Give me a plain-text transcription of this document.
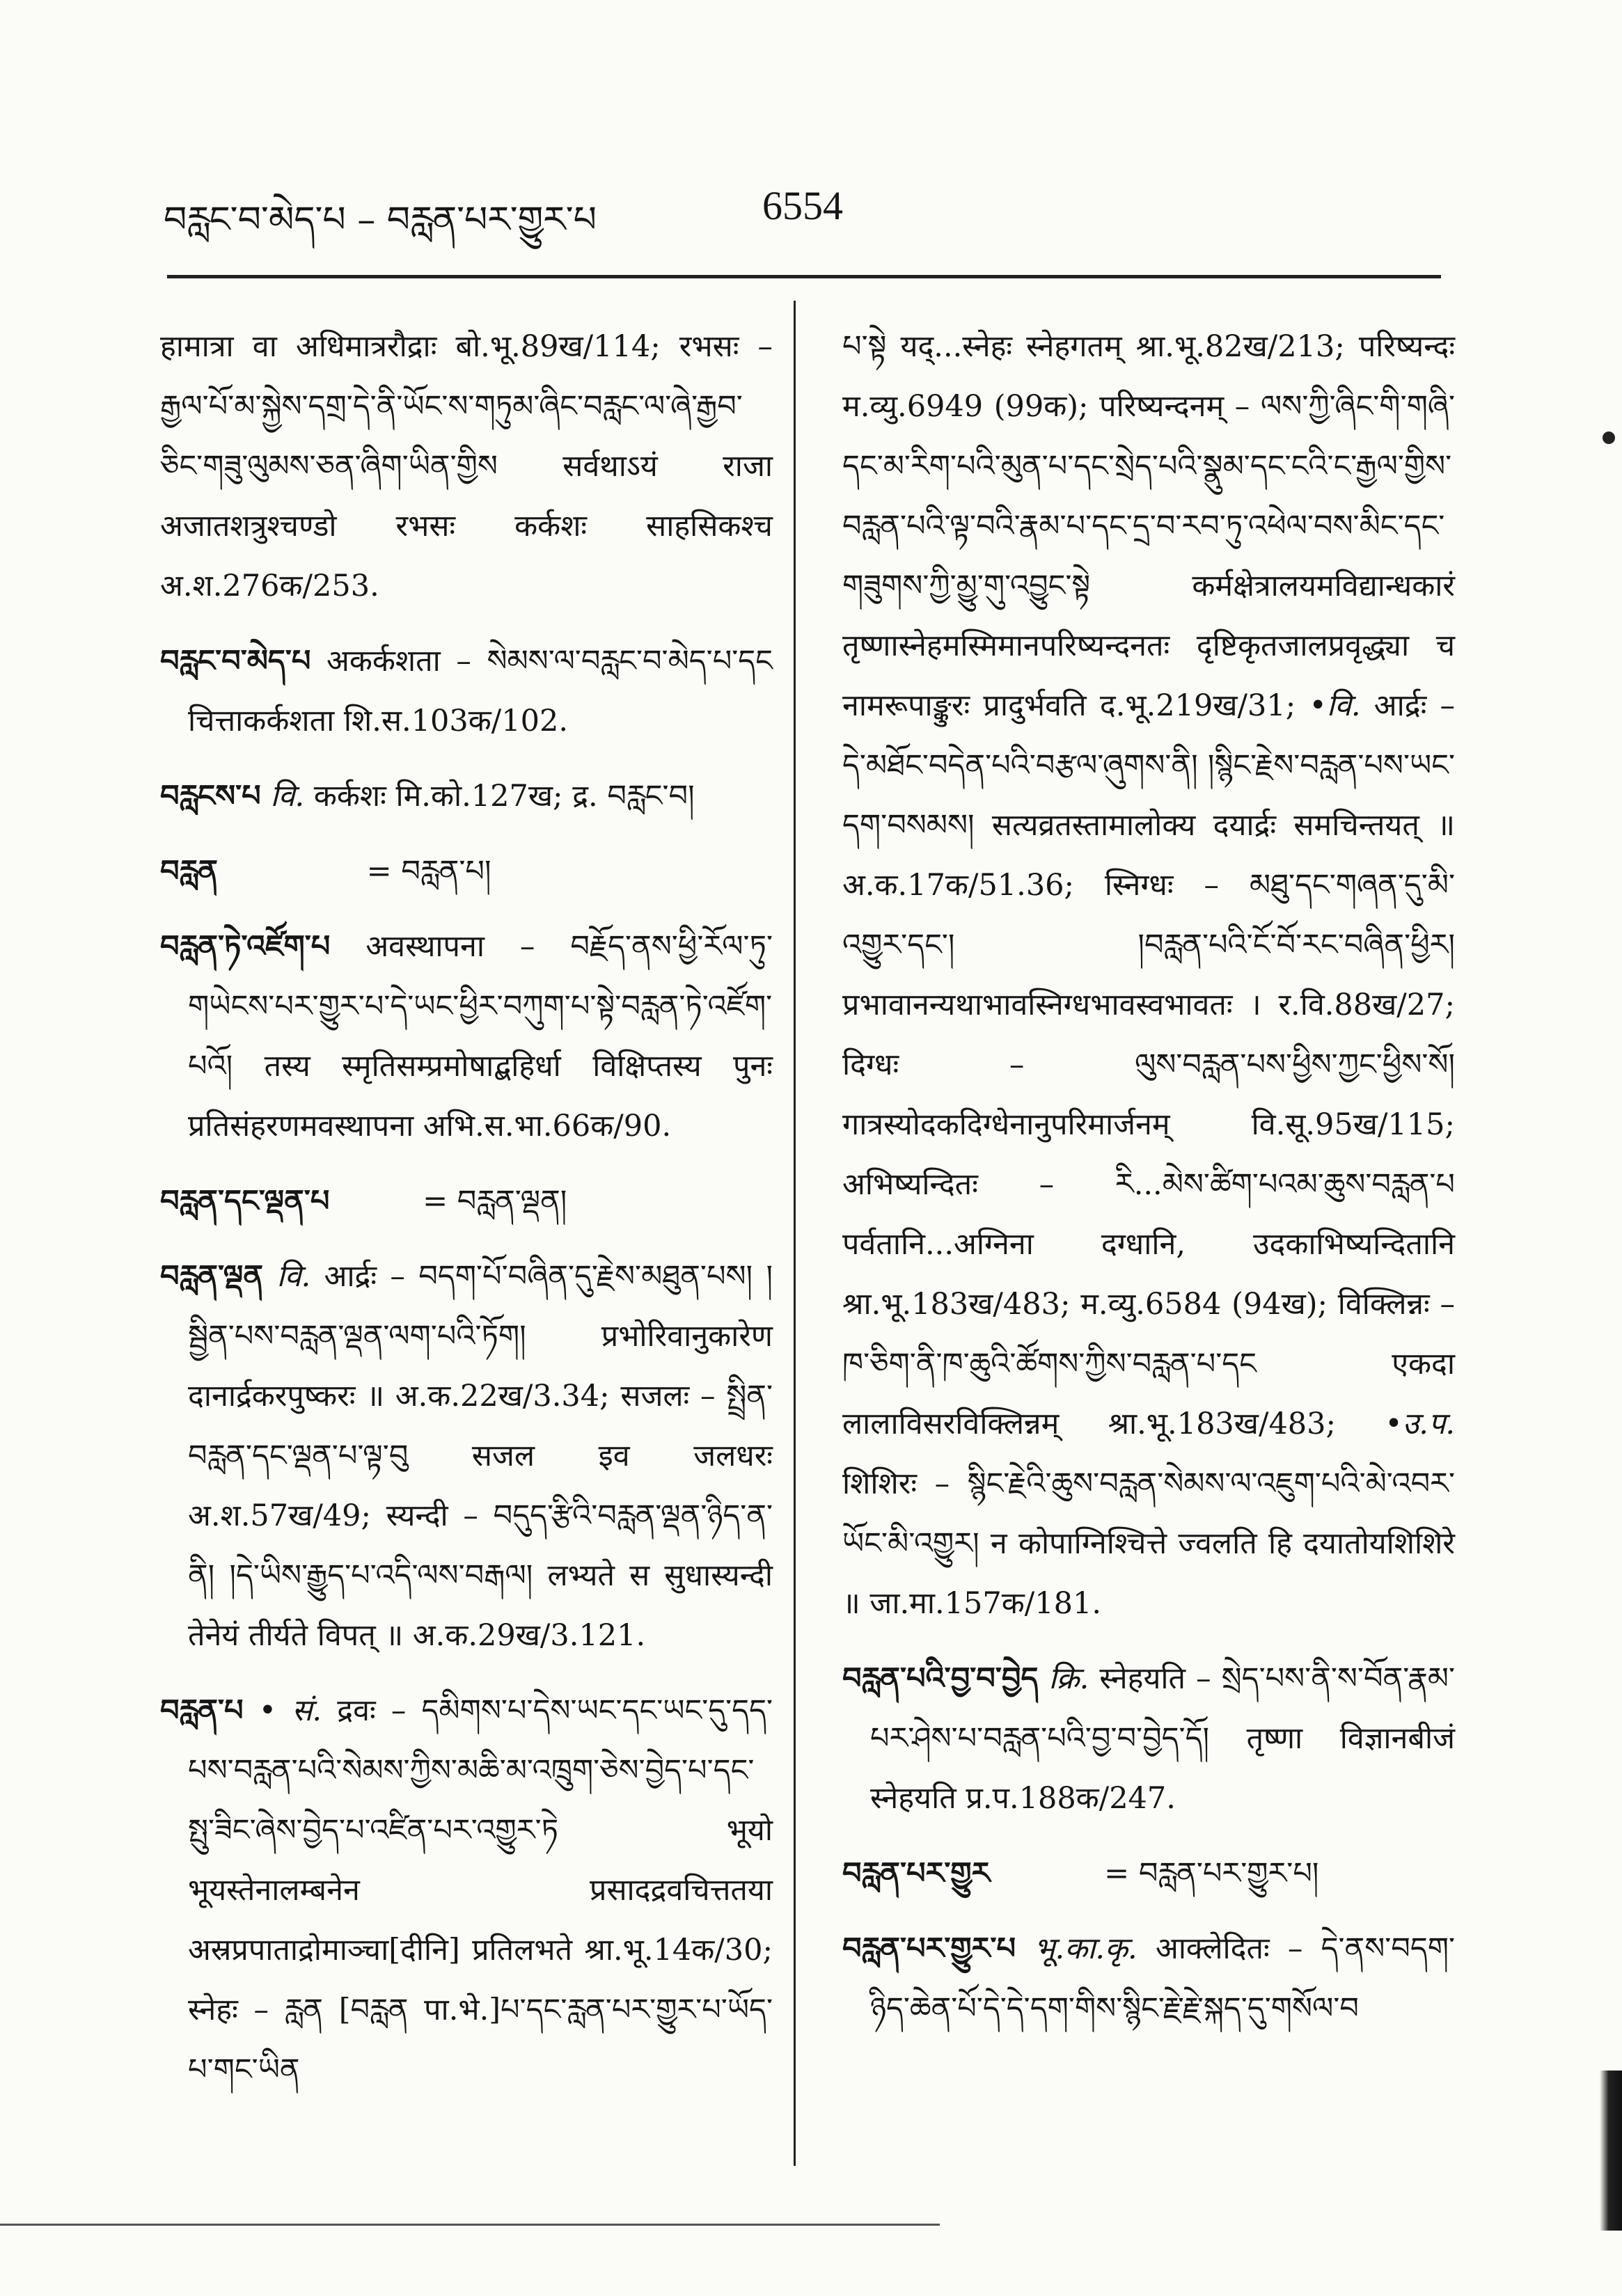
བརླང་བ་མེད་པ – བརླན་པར་གྱུར་པ	6554

हामात्रा वा अधिमात्ररौद्राः बो.भू.89ख/114; रभसः – རྒྱལ་པོ་མ་སྐྱེས་དགྲ་དེ་ནི་ཡོང་ས་གཏུམ་ཞིང་བརླང་ལ་ཞེ་རྒྱབ་ཅིང་གཟུ་ལུམས་ཅན་ཞིག་ཡིན་གྱིས सर्वथाऽयं राजा अजातशत्रुश्चण्डो रभसः कर्कशः साहसिकश्च अ.श.276क/253.

བརླང་བ་མེད་པ अकर्कशता – སེམས་ལ་བརླང་བ་མེད་པ་དང चित्ताकर्कशता शि.स.103क/102.

བརླངས་པ वि. कर्कशः मि.को.127ख; द्र. བརླང་བ།

བརླན	= བརླན་པ།

བརླན་ཏེ་འཛོག་པ अवस्थापना – བརྗོད་ནས་ཕྱི་རོལ་ཏུ་གཡེངས་པར་གྱུར་པ་དེ་ཡང་ཕྱིར་བཀུག་པ་སྟེ་བརླན་ཏེ་འཛོག་པའོ། तस्य स्मृतिसम्प्रमोषाद्बहिर्धा विक्षिप्तस्य पुनः प्रतिसंहरणमवस्थापना अभि.स.भा.66क/90.

བརླན་དང་ལྡན་པ	= བརླན་ལྡན།

བརླན་ལྡན वि. आर्द्रः – བདག་པོ་བཞིན་དུ་རྗེས་མཐུན་པས། །སྦྱིན་པས་བརླན་ལྡན་ལག་པའི་ཏོག། प्रभोरिवानुकारेण दानार्द्रकरपुष्करः ॥ अ.क.22ख/3.34; सजलः – སྤྲིན་བརླན་དང་ལྡན་པ་ལྟ་བུ सजल इव जलधरः अ.श.57ख/49; स्यन्दी – བདུད་རྩིའི་བརླན་ལྡན་ཉིད་ན་ནི། །དེ་ཡིས་རྒྱུད་པ་འདི་ལས་བརྒལ། लभ्यते स सुधास्यन्दी तेनेयं तीर्यते विपत् ॥ अ.क.29ख/3.121.

བརླན་པ • सं. द्रवः – དམིགས་པ་དེས་ཡང་དང་ཡང་དུ་དད་པས་བརླན་པའི་སེམས་ཀྱིས་མཆི་མ་འཁྲུག་ཅེས་བྱེད་པ་དང་སྤུ་ཟིང་ཞེས་བྱེད་པ་འཛིན་པར་འགྱུར་ཏེ भूयो भूयस्तेनालम्बनेन प्रसादद्रवचित्ततया अस्रप्रपाताद्रोमाञ्चा[दीनि] प्रतिलभते श्रा.भू.14क/30; स्नेहः – རླན [བརླན पा.भे.]པ་དང་རླན་པར་གྱུར་པ་ཡོད་པ་གང་ཡིན

པ་སྟེ यद्...स्नेहः स्नेहगतम् श्रा.भू.82ख/213; परिष्यन्दः म.व्यु.6949 (99क); परिष्यन्दनम् – ལས་ཀྱི་ཞིང་གི་གཞི་དང་མ་རིག་པའི་མུན་པ་དང་སྲེད་པའི་སྣུམ་དང་ངའི་ང་རྒྱལ་གྱིས་བརླན་པའི་ལྟ་བའི་རྣམ་པ་དང་དྲ་བ་རབ་ཏུ་འཕེལ་བས་མིང་དང་གཟུགས་ཀྱི་མྱུ་གུ་འབྱུང་སྟེ कर्मक्षेत्रालयमविद्यान्धकारं तृष्णास्नेहमस्मिमानपरिष्यन्दनतः दृष्टिकृतजालप्रवृद्ध्या च नामरूपाङ्कुरः प्रादुर्भवति द.भू.219ख/31; •वि. आर्द्रः – དེ་མཐོང་བདེན་པའི་བརྩལ་ཞུགས་ནི། །སྙིང་རྗེས་བརླན་པས་ཡང་དག་བསམས། सत्यव्रतस्तामालोक्य दयार्द्रः समचिन्तयत् ॥ अ.क.17क/51.36; स्निग्धः – མཐུ་དང་གཞན་དུ་མི་འགྱུར་དང་། །བརླན་པའི་ངོ་བོ་རང་བཞིན་ཕྱིར། प्रभावानन्यथाभावस्निग्धभावस्वभावतः । र.वि.88ख/27; दिग्धः – ལུས་བརླན་པས་ཕྱིས་ཀྱང་ཕྱིས་སོ། गात्रस्योदकदिग्धेनानुपरिमार्जनम् वि.सू.95ख/115; अभिष्यन्दितः – རི...མེས་ཚིག་པའམ་ཆུས་བརླན་པ पर्वतानि...अग्निना दग्धानि, उदकाभिष्यन्दितानि श्रा.भू.183ख/483; म.व्यु.6584 (94ख); विक्लिन्नः – ཁ་ཅིག་ནི་ཁ་ཆུའི་ཚོགས་ཀྱིས་བརླན་པ་དང एकदा लालाविसरविक्लिन्नम् श्रा.भू.183ख/483; •उ.प. शिशिरः – སྙིང་རྗེའི་ཆུས་བརླན་སེམས་ལ་འཇུག་པའི་མེ་འབར་ཡོང་མི་འགྱུར། न कोपाग्निश्चित्ते ज्वलति हि दयातोयशिशिरे ॥ जा.मा.157क/181.

བརླན་པའི་བྱ་བ་བྱེད क्रि. स्नेहयति – སྲེད་པས་ནི་ས་བོན་རྣམ་པར་ཤེས་པ་བརླན་པའི་བྱ་བ་བྱེད་དོ། तृष्णा विज्ञानबीजं स्नेहयति प्र.प.188क/247.

བརླན་པར་གྱུར	= བརླན་པར་གྱུར་པ།

བརླན་པར་གྱུར་པ भू.का.कृ. आक्लेदितः – དེ་ནས་བདག་ཉིད་ཆེན་པོ་དེ་དེ་དག་གིས་སྙིང་རྗེ་རྗེ་སྐད་དུ་གསོལ་བ
